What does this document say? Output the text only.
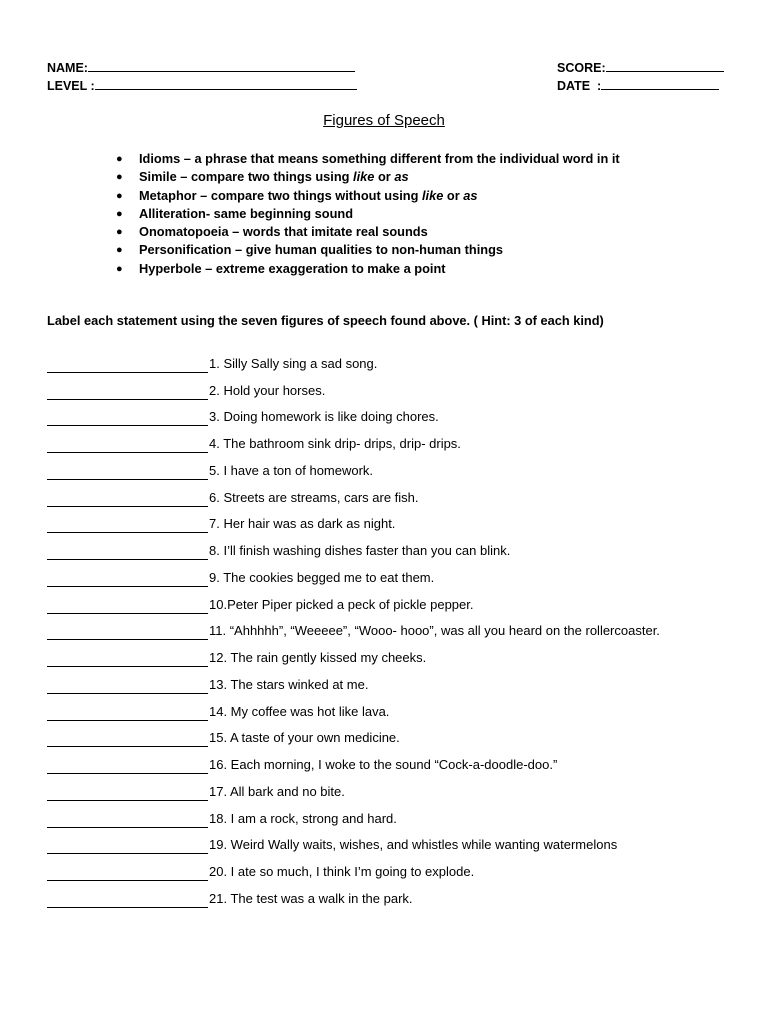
NAME:
LEVEL :
SCORE:
DATE  :
Figures of Speech
● Idioms – a phrase that means something different from the individual word in it
● Simile – compare two things using like or as
● Metaphor – compare two things without using like or as
● Alliteration- same beginning sound
● Onomatopoeia – words that imitate real sounds
● Personification – give human qualities to non-human things
● Hyperbole – extreme exaggeration to make a point
Label each statement using the seven figures of speech found above. ( Hint: 3 of each kind)
1. Silly Sally sing a sad song.
2. Hold your horses.
3. Doing homework is like doing chores.
4. The bathroom sink drip- drips, drip- drips.
5. I have a ton of homework.
6. Streets are streams, cars are fish.
7. Her hair was as dark as night.
8. I’ll finish washing dishes faster than you can blink.
9. The cookies begged me to eat them.
10.Peter Piper picked a peck of pickle pepper.
11. “Ahhhhh”, “Weeeee”, “Wooo- hooo”, was all you heard on the rollercoaster.
12. The rain gently kissed my cheeks.
13. The stars winked at me.
14. My coffee was hot like lava.
15. A taste of your own medicine.
16. Each morning, I woke to the sound “Cock-a-doodle-doo.”
17. All bark and no bite.
18. I am a rock, strong and hard.
19. Weird Wally waits, wishes, and whistles while wanting watermelons
20. I ate so much, I think I’m going to explode.
21. The test was a walk in the park.
